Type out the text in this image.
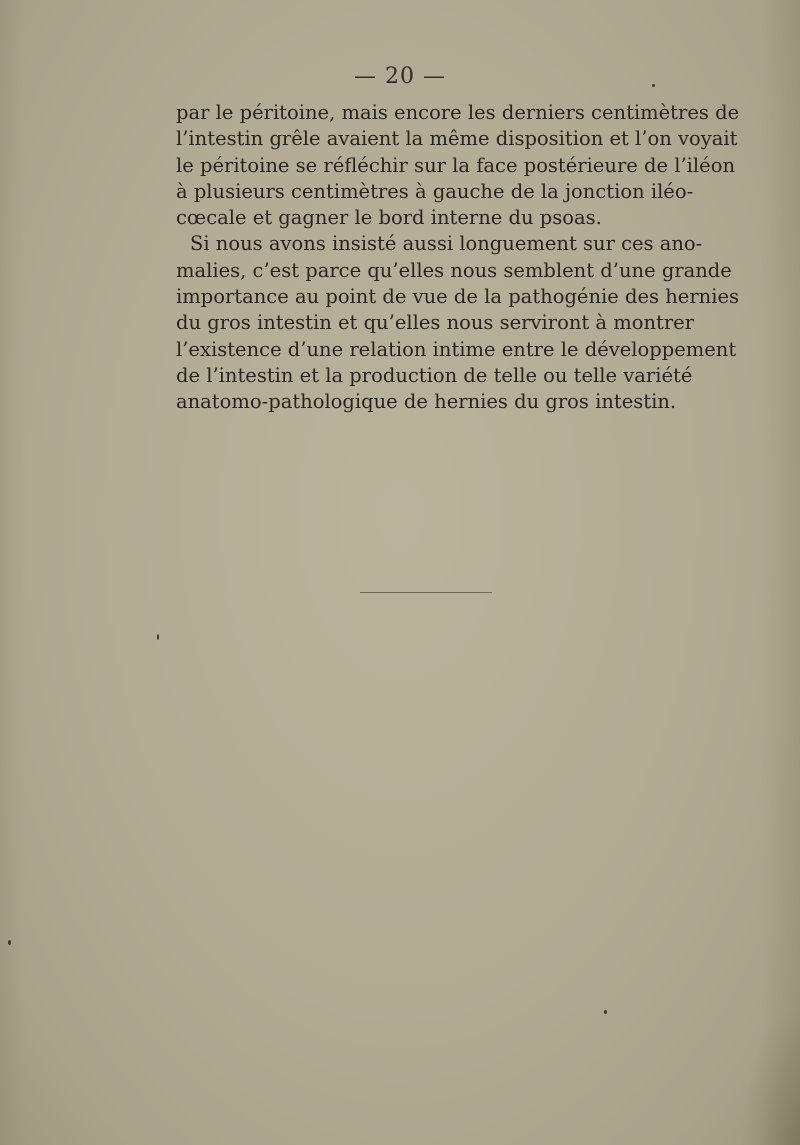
— 20 —
par le péritoine, mais encore les derniers centimètres de
l’intestin grêle avaient la même disposition et l’on voyait
le péritoine se réfléchir sur la face postérieure de l’iléon
à plusieurs centimètres à gauche de la jonction iléo-
cœcale et gagner le bord interne du psoas.
Si nous avons insisté aussi longuement sur ces ano-
malies, c’est parce qu’elles nous semblent d’une grande
importance au point de vue de la pathogénie des hernies
du gros intestin et qu’elles nous serviront à montrer
l’existence d’une relation intime entre le développement
de l’intestin et la production de telle ou telle variété
anatomo-pathologique de hernies du gros intestin.
